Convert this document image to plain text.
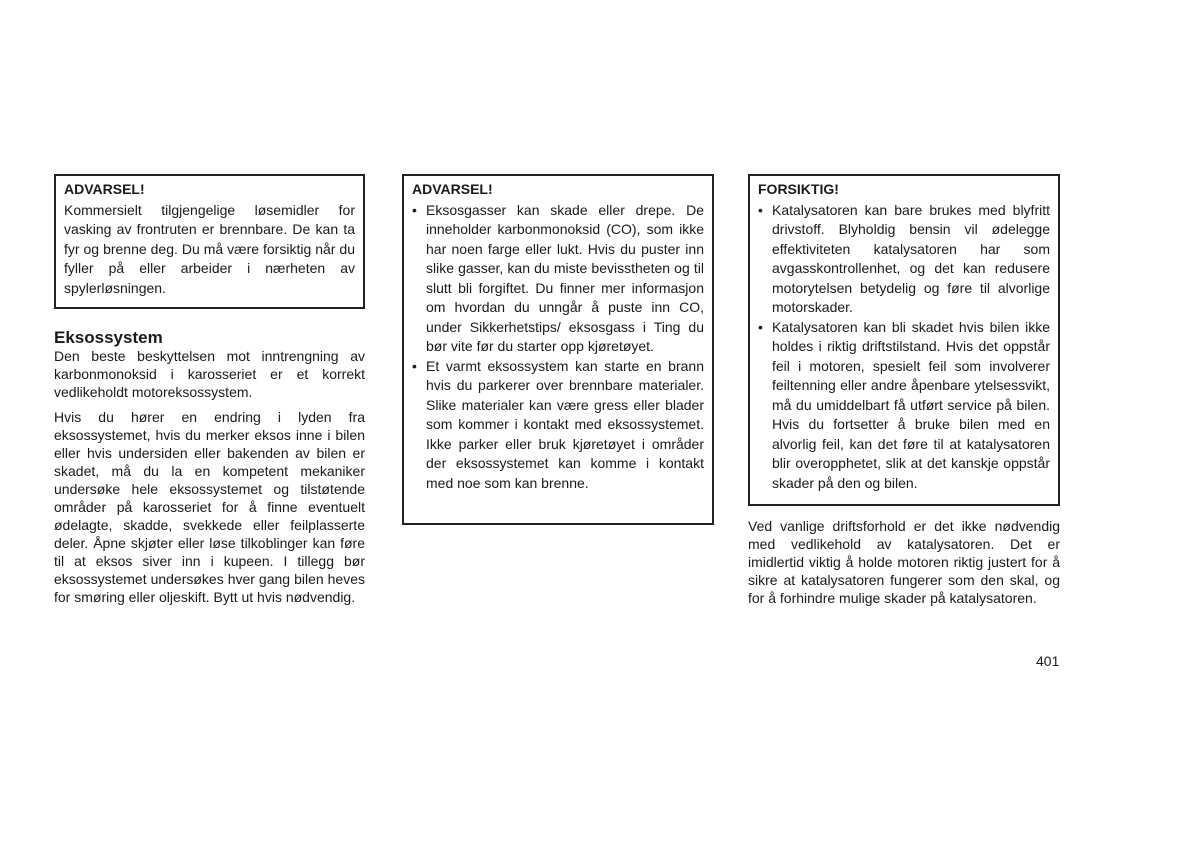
ADVARSEL!

Kommersielt tilgjengelige løsemidler for vasking av frontruten er brennbare. De kan ta fyr og brenne deg. Du må være forsiktig når du fyller på eller arbeider i nærheten av spylerløsningen.

Eksossystem

Den beste beskyttelsen mot inntrengning av karbonmonoksid i karosseriet er et korrekt vedlikeholdt motoreksossystem.

Hvis du hører en endring i lyden fra eksossystemet, hvis du merker eksos inne i bilen eller hvis undersiden eller bakenden av bilen er skadet, må du la en kompetent mekaniker undersøke hele eksossystemet og tilstøtende områder på karosseriet for å finne eventuelt ødelagte, skadde, svekkede eller feilplasserte deler. Åpne skjøter eller løse tilkoblinger kan føre til at eksos siver inn i kupeen. I tillegg bør eksossystemet undersøkes hver gang bilen heves for smøring eller oljeskift. Bytt ut hvis nødvendig.

ADVARSEL!

• Eksosgasser kan skade eller drepe. De inneholder karbonmonoksid (CO), som ikke har noen farge eller lukt. Hvis du puster inn slike gasser, kan du miste bevisstheten og til slutt bli forgiftet. Du finner mer informasjon om hvordan du unngår å puste inn CO, under Sikkerhetstips/ eksosgass i Ting du bør vite før du starter opp kjøretøyet.
• Et varmt eksossystem kan starte en brann hvis du parkerer over brennbare materialer. Slike materialer kan være gress eller blader som kommer i kontakt med eksossystemet. Ikke parker eller bruk kjøretøyet i områder der eksossystemet kan komme i kontakt med noe som kan brenne.

FORSIKTIG!

• Katalysatoren kan bare brukes med blyfritt drivstoff. Blyholdig bensin vil ødelegge effektiviteten katalysatoren har som avgasskontrollenhet, og det kan redusere motorytelsen betydelig og føre til alvorlige motorskader.
• Katalysatoren kan bli skadet hvis bilen ikke holdes i riktig driftstilstand. Hvis det oppstår feil i motoren, spesielt feil som involverer feiltenning eller andre åpenbare ytelsessvikt, må du umiddelbart få utført service på bilen. Hvis du fortsetter å bruke bilen med en alvorlig feil, kan det føre til at katalysatoren blir overopphetet, slik at det kanskje oppstår skader på den og bilen.

Ved vanlige driftsforhold er det ikke nødvendig med vedlikehold av katalysatoren. Det er imidlertid viktig å holde motoren riktig justert for å sikre at katalysatoren fungerer som den skal, og for å forhindre mulige skader på katalysatoren.

401
